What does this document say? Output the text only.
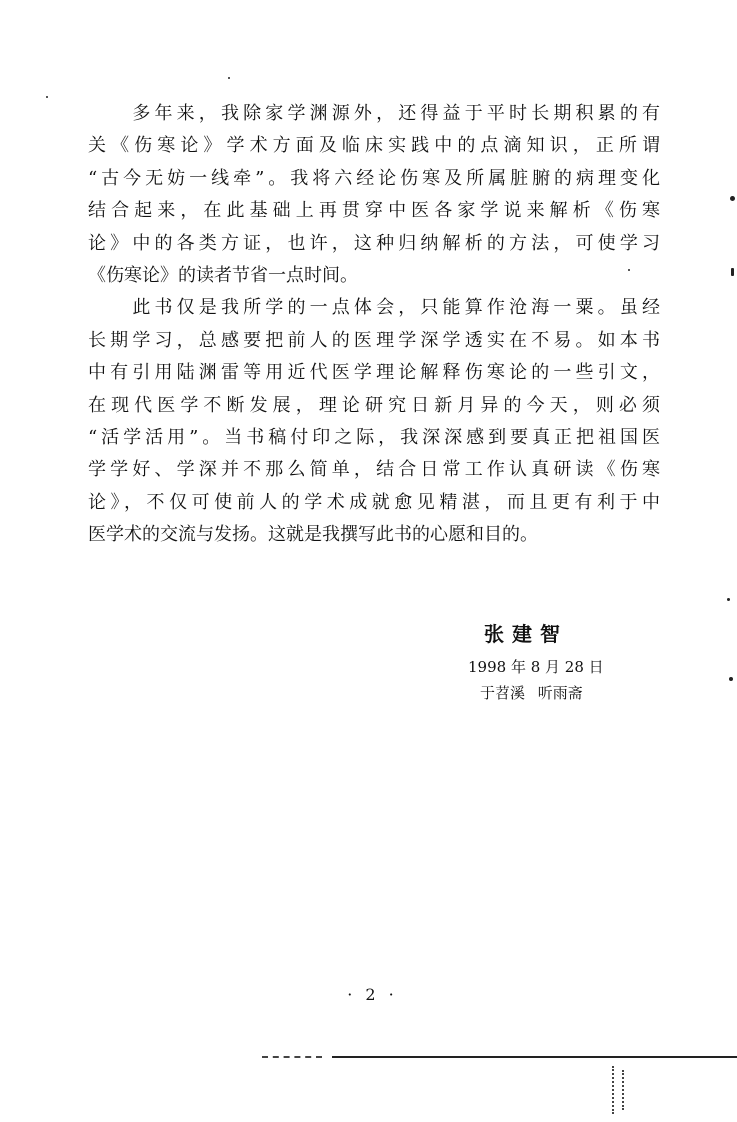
　　多年来，我除家学渊源外，还得益于平时长期积累的有
关《伤寒论》学术方面及临床实践中的点滴知识，正所谓
“古今无妨一线牵”。我将六经论伤寒及所属脏腑的病理变化
结合起来，在此基础上再贯穿中医各家学说来解析《伤寒
论》中的各类方证，也许，这种归纳解析的方法，可使学习
《伤寒论》的读者节省一点时间。
　　此书仅是我所学的一点体会，只能算作沧海一粟。虽经
长期学习，总感要把前人的医理学深学透实在不易。如本书
中有引用陆渊雷等用近代医学理论解释伤寒论的一些引文，
在现代医学不断发展，理论研究日新月异的今天，则必须
“活学活用”。当书稿付印之际，我深深感到要真正把祖国医
学学好、学深并不那么简单，结合日常工作认真研读《伤寒
论》，不仅可使前人的学术成就愈见精湛，而且更有利于中
医学术的交流与发扬。这就是我撰写此书的心愿和目的。
张建智
1998 年 8 月 28 日
于苕溪 听雨斋
· 2 ·
